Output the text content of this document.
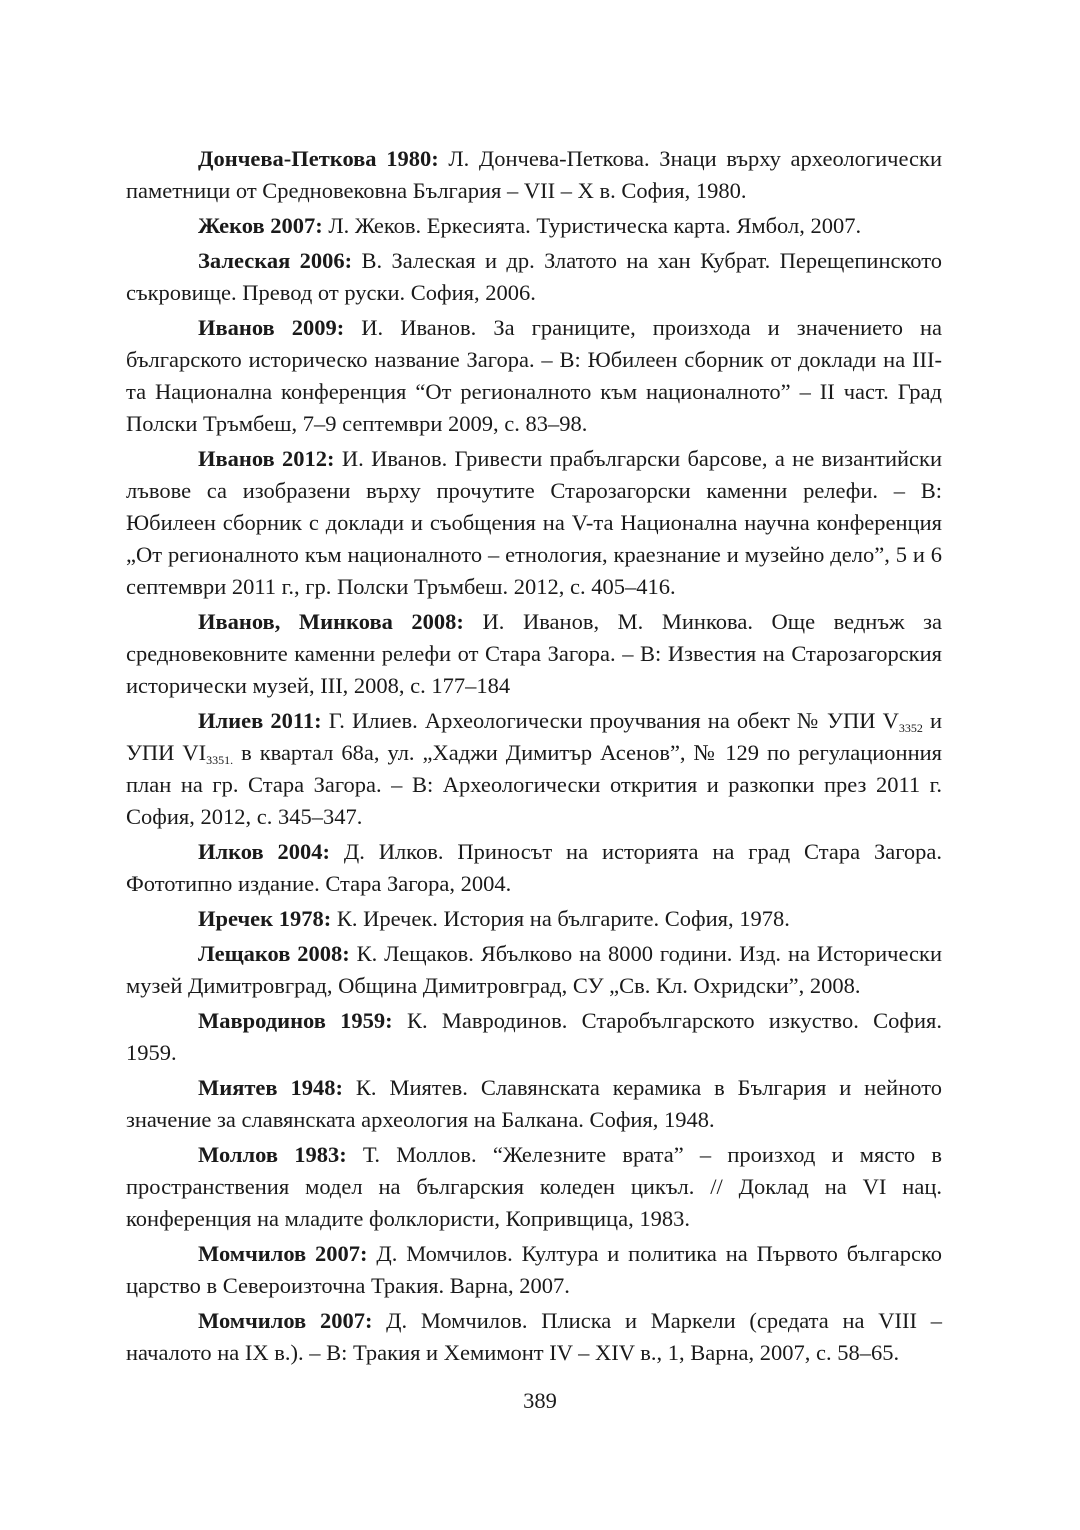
Дончева-Петкова 1980: Л. Дончева-Петкова. Знаци върху археологически паметници от Средновековна България – VII – X в. София, 1980.

Жеков 2007: Л. Жеков. Еркесията. Туристическа карта. Ямбол, 2007.

Залеская 2006: В. Залеская и др. Златото на хан Кубрат. Перещепинското съкровище. Превод от руски. София, 2006.

Иванов 2009: И. Иванов. За границите, произхода и значението на българското историческо название Загора. – В: Юбилеен сборник от доклади на III-та Национална конференция “От регионалното към националното” – II част. Град Полски Тръмбеш, 7–9 септември 2009, с. 83–98.

Иванов 2012: И. Иванов. Гривести прабългарски барсове, а не византийски лъвове са изобразени върху прочутите Старозагорски каменни релефи. – В: Юбилеен сборник с доклади и съобщения на V-та Национална научна конференция „От регионалното към националното – етнология, краезнание и музейно дело”, 5 и 6 септември 2011 г., гр. Полски Тръмбеш. 2012, с. 405–416.

Иванов, Минкова 2008: И. Иванов, М. Минкова. Още веднъж за средновековните каменни релефи от Стара Загора. – В: Известия на Старозагорския исторически музей, III, 2008, с. 177–184

Илиев 2011: Г. Илиев. Археологически проучвания на обект № УПИ $V_{3352}$ и УПИ $VI_{3351.}$ в квартал 68а, ул. „Хаджи Димитър Асенов”, № 129 по регулационния план на гр. Стара Загора. – В: Археологически открития и разкопки през 2011 г. София, 2012, с. 345–347.

Илков 2004: Д. Илков. Приносът на историята на град Стара Загора. Фототипно издание. Стара Загора, 2004.

Иречек 1978: К. Иречек. История на българите. София, 1978.

Лещаков 2008: К. Лещаков. Ябълково на 8000 години. Изд. на Исторически музей Димитровград, Община Димитровград, СУ „Св. Кл. Охридски”, 2008.

Мавродинов 1959: К. Мавродинов. Старобългарското изкуство. София. 1959.

Миятев 1948: К. Миятев. Славянската керамика в България и нейното значение за славянската археология на Балкана. София, 1948.

Моллов 1983: Т. Моллов. “Железните врата” – произход и място в пространствения модел на българския коледен цикъл. // Доклад на VI нац. конференция на младите фолклористи, Копривщица, 1983.

Момчилов 2007: Д. Момчилов. Култура и политика на Първото българско царство в Североизточна Тракия. Варна, 2007.

Момчилов 2007: Д. Момчилов. Плиска и Маркели (средата на VIII – началото на IX в.). – В: Тракия и Хемимонт IV – XIV в., 1, Варна, 2007, с. 58–65.

389
